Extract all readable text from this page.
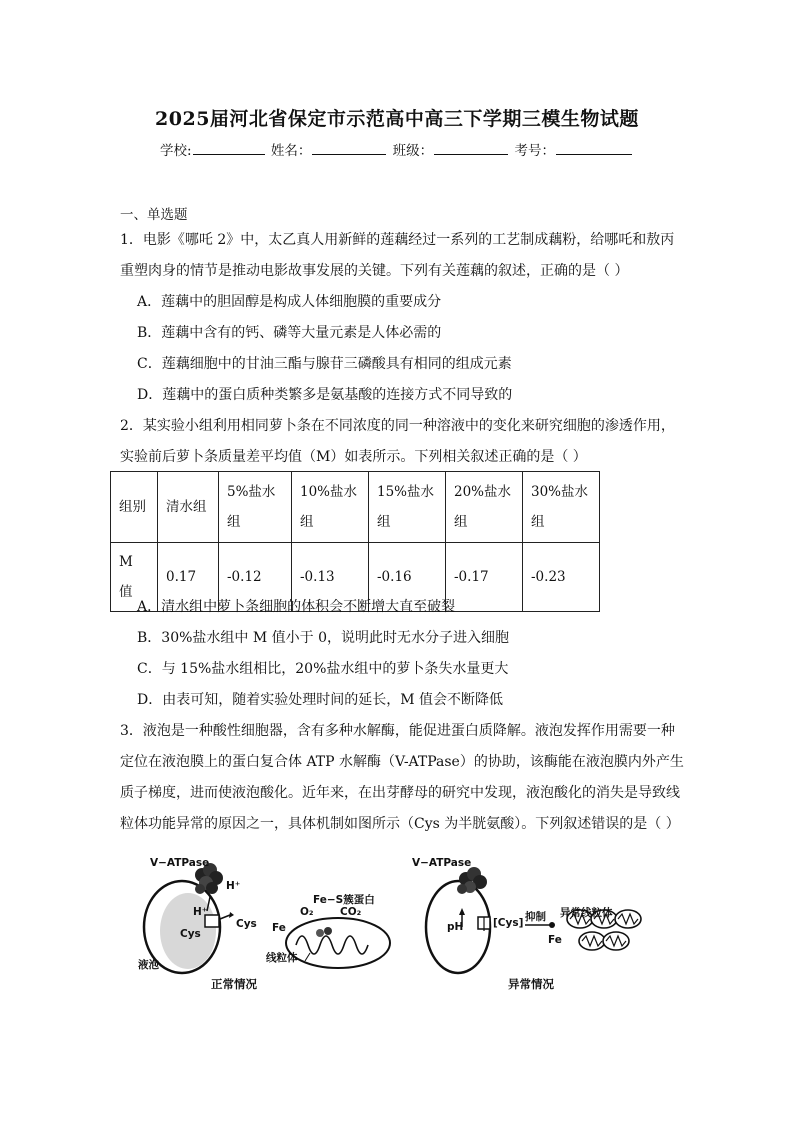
2025届河北省保定市示范高中高三下学期三模生物试题
学校:	姓名：	班级：	考号：
一、单选题
1．电影《哪吒 2》中，太乙真人用新鲜的莲藕经过一系列的工艺制成藕粉，给哪吒和敖丙
重塑肉身的情节是推动电影故事发展的关键。下列有关莲藕的叙述，正确的是（ ）
A．莲藕中的胆固醇是构成人体细胞膜的重要成分
B．莲藕中含有的钙、磷等大量元素是人体必需的
C．莲藕细胞中的甘油三酯与腺苷三磷酸具有相同的组成元素
D．莲藕中的蛋白质种类繁多是氨基酸的连接方式不同导致的
2．某实验小组利用相同萝卜条在不同浓度的同一种溶液中的变化来研究细胞的渗透作用，
实验前后萝卜条质量差平均值（M）如表所示。下列相关叙述正确的是（ ）
组别	清水组	5%盐水组	10%盐水组	15%盐水组	20%盐水组	30%盐水组
M 值	0.17	-0.12	-0.13	-0.16	-0.17	-0.23
A．清水组中萝卜条细胞的体积会不断增大直至破裂
B．30%盐水组中 M 值小于 0，说明此时无水分子进入细胞
C．与 15%盐水组相比，20%盐水组中的萝卜条失水量更大
D．由表可知，随着实验处理时间的延长，M 值会不断降低
3．液泡是一种酸性细胞器，含有多种水解酶，能促进蛋白质降解。液泡发挥作用需要一种
定位在液泡膜上的蛋白复合体 ATP 水解酶（V-ATPase）的协助，该酶能在液泡膜内外产生
质子梯度，进而使液泡酸化。近年来，在出芽酵母的研究中发现，液泡酸化的消失是导致线
粒体功能异常的原因之一，具体机制如图所示（Cys 为半胱氨酸）。下列叙述错误的是（ ）
V−ATPase
H⁺
H⁺
Cys
Cys
Fe−S簇蛋白
O₂	CO₂
Fe
线粒体
液泡
正常情况
V−ATPase
pH	[Cys] 抑制
Fe
异常线粒体
异常情况
